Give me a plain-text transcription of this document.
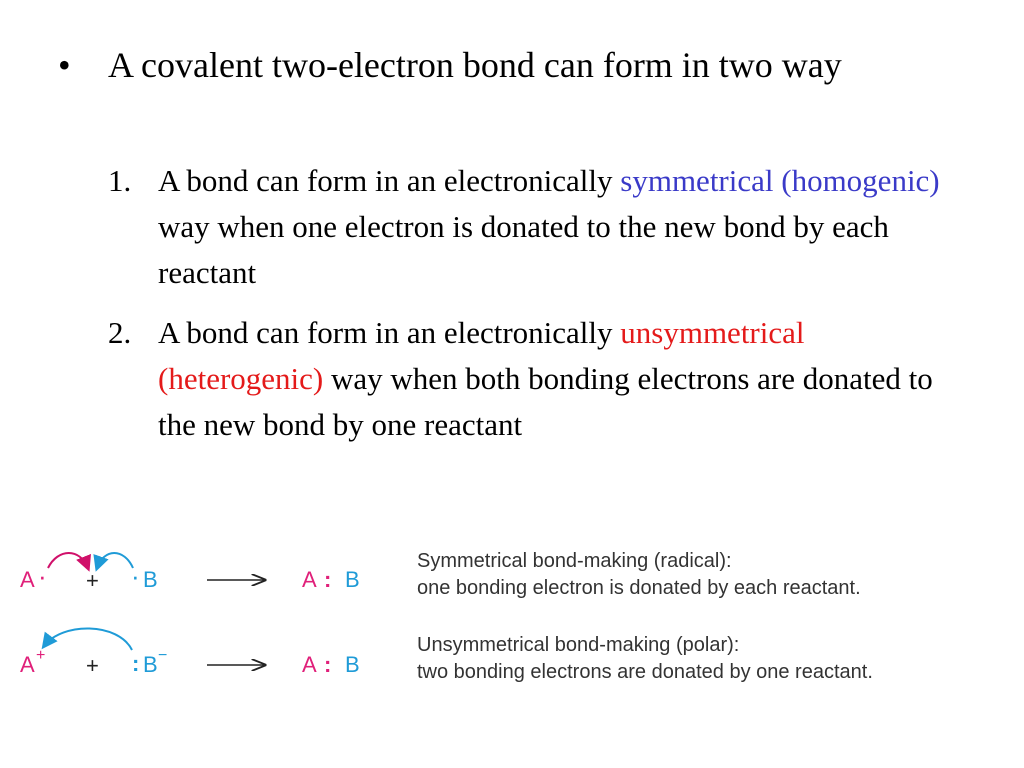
•	A covalent two-electron bond can form in two way
1. A bond can form in an electronically symmetrical (homogenic) way when one electron is donated to the new bond by each reactant
2. A bond can form in an electronically unsymmetrical (heterogenic) way when both bonding electrons are donated to the new bond by one reactant
A · + · B	A : B
A + + : B −	A : B
Symmetrical bond-making (radical):
one bonding electron is donated by each reactant.
Unsymmetrical bond-making (polar):
two bonding electrons are donated by one reactant.
